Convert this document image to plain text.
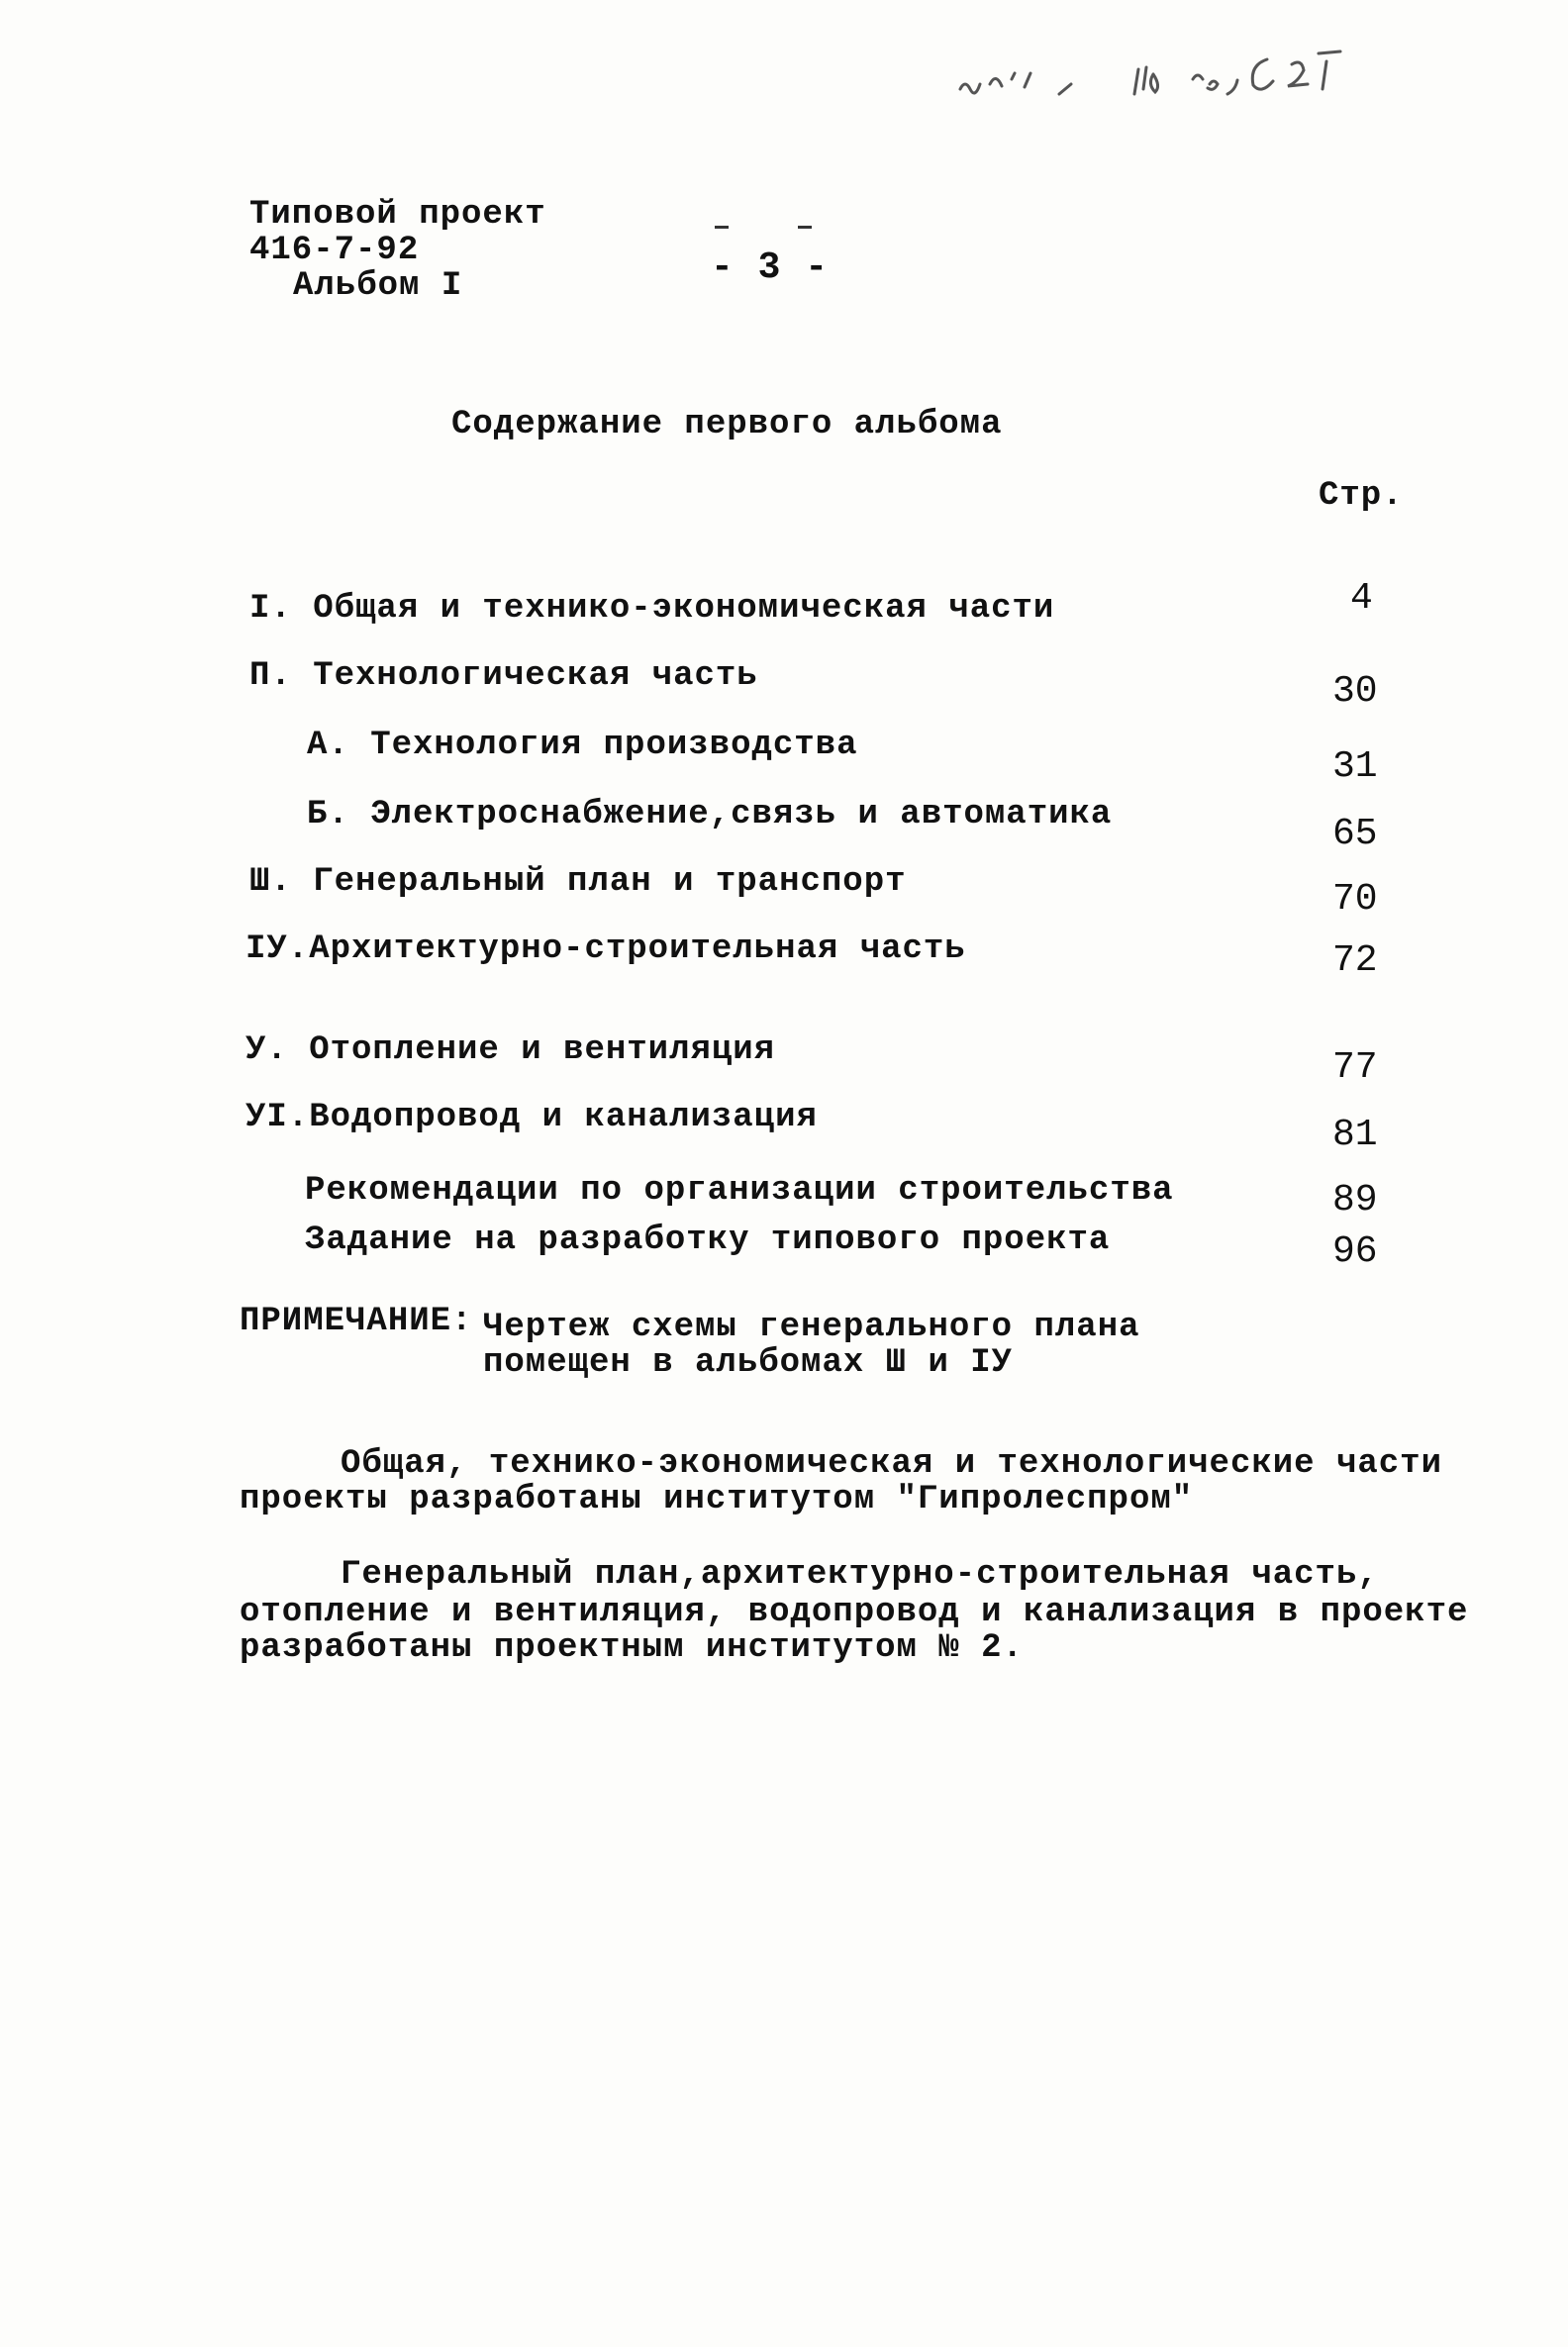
Типовой проект
416-7-92
Альбом I	- 3 -
Содержание первого альбома
Стр.
I. Общая и технико-экономическая части	4
П. Технологическая часть	30
А. Технология производства	31
Б. Электроснабжение,связь и автоматика	65
Ш. Генеральный план и транспорт	70
IУ.Архитектурно-строительная часть	72
У. Отопление и вентиляция	77
УI.Водопровод и канализация	81
Рекомендации по организации строительства	89
Задание на разработку типового проекта	96
ПРИМЕЧАНИЕ: Чертеж схемы генерального плана
помещен в альбомах Ш и IУ
Общая, технико-экономическая и технологические части
проекты разработаны институтом "Гипролеспром"
Генеральный план,архитектурно-строительная часть,
отопление и вентиляция, водопровод и канализация в проекте
разработаны проектным институтом № 2.
